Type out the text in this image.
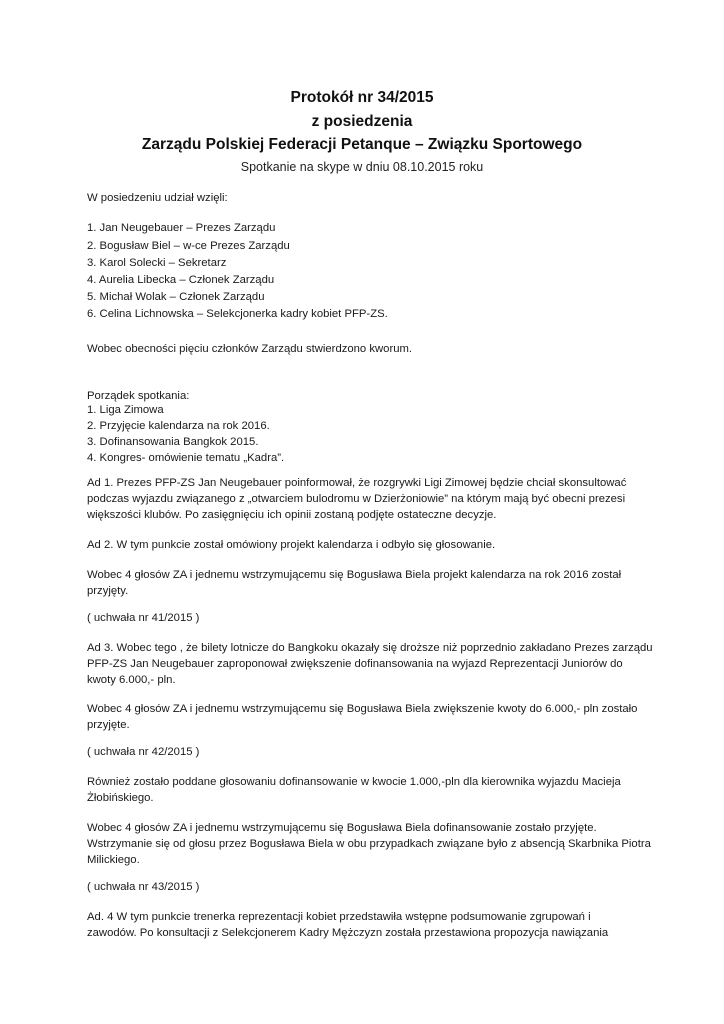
Protokół nr 34/2015
z posiedzenia
Zarządu Polskiej Federacji Petanque – Związku Sportowego
Spotkanie na skype w dniu 08.10.2015 roku
W posiedzeniu udział wzięli:
1. Jan Neugebauer – Prezes Zarządu
2. Bogusław Biel – w-ce Prezes Zarządu
3. Karol Solecki – Sekretarz
4. Aurelia Libecka – Członek Zarządu
5. Michał Wolak – Członek Zarządu
6. Celina Lichnowska – Selekcjonerka kadry kobiet PFP-ZS.
Wobec obecności pięciu członków Zarządu stwierdzono kworum.
Porządek spotkania:
1. Liga Zimowa
2. Przyjęcie kalendarza na rok 2016.
3. Dofinansowania Bangkok 2015.
4. Kongres- omówienie tematu „Kadra”.
Ad 1. Prezes PFP-ZS Jan Neugebauer poinformował, że rozgrywki Ligi Zimowej będzie chciał skonsultować
podczas wyjazdu związanego z „otwarciem bulodromu w Dzierżoniowie” na którym mają być obecni prezesi
większości klubów. Po zasięgnięciu ich opinii zostaną podjęte ostateczne decyzje.
Ad 2. W tym punkcie został omówiony projekt kalendarza i odbyło się głosowanie.
Wobec 4 głosów ZA i jednemu wstrzymującemu się Bogusława Biela projekt kalendarza na rok 2016 został
przyjęty.
( uchwała nr 41/2015 )
Ad 3. Wobec tego , że bilety lotnicze do Bangkoku okazały się droższe niż poprzednio zakładano Prezes zarządu
PFP-ZS Jan Neugebauer zaproponował zwiększenie dofinansowania na wyjazd Reprezentacji Juniorów do
kwoty 6.000,- pln.
Wobec 4 głosów ZA i jednemu wstrzymującemu się Bogusława Biela zwiększenie kwoty do 6.000,- pln zostało
przyjęte.
( uchwała nr 42/2015 )
Również zostało poddane głosowaniu dofinansowanie w kwocie 1.000,-pln dla kierownika wyjazdu Macieja
Żłobińskiego.
Wobec 4 głosów ZA i jednemu wstrzymującemu się Bogusława Biela dofinansowanie zostało przyjęte.
Wstrzymanie się od głosu przez Bogusława Biela w obu przypadkach związane było z absencją Skarbnika Piotra
Milickiego.
( uchwała nr 43/2015 )
Ad. 4 W tym punkcie trenerka reprezentacji kobiet przedstawiła wstępne podsumowanie zgrupowań i
zawodów. Po konsultacji z Selekcjonerem Kadry Mężczyzn została przestawiona propozycja nawiązania
